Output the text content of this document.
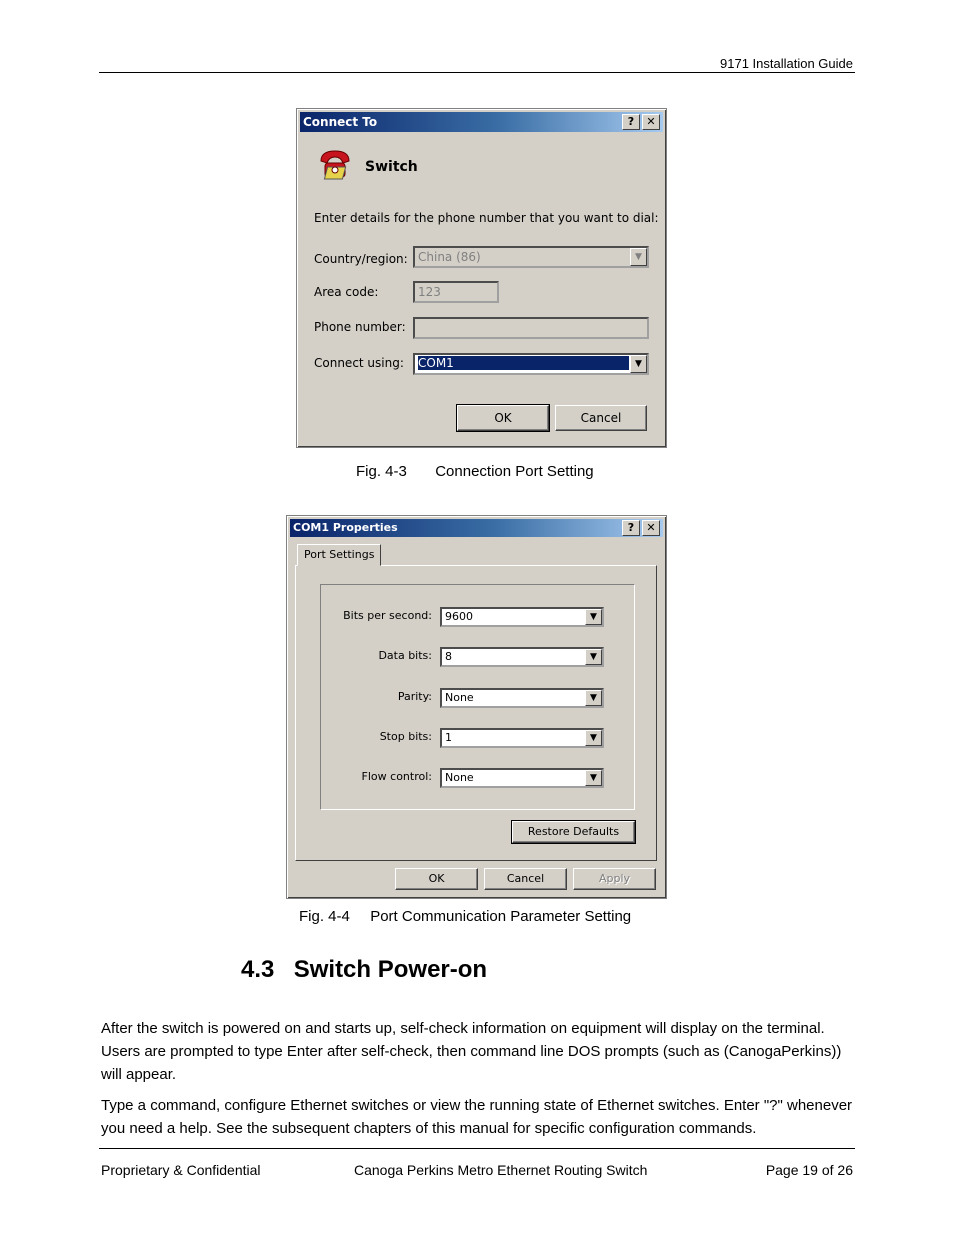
9171 Installation Guide
Connect To	?	✕
Switch
Enter details for the phone number that you want to dial:
Country/region: China (86)	▼
Area code:	123
Phone number:
Connect using: COM1	▼
OK	Cancel
Fig. 4-3 Connection Port Setting
COM1 Properties	?	✕
Port Settings
Restore Defaults
OK	Cancel	Apply
Bits per second:	9600	▼
Data bits:	8	▼
Parity:	None	▼
Stop bits:	1	▼
Flow control:	None	▼
Fig. 4-4 Port Communication Parameter Setting
4.3 Switch Power-on
After the switch is powered on and starts up, self-check information on equipment will display on the terminal. Users are prompted to type Enter after self-check, then command line DOS prompts (such as (CanogaPerkins)) will appear.
Type a command, configure Ethernet switches or view the running state of Ethernet switches. Enter "?" whenever you need a help. See the subsequent chapters of this manual for specific configuration commands.
Proprietary & Confidential	Canoga Perkins Metro Ethernet Routing Switch	Page 19 of 26
